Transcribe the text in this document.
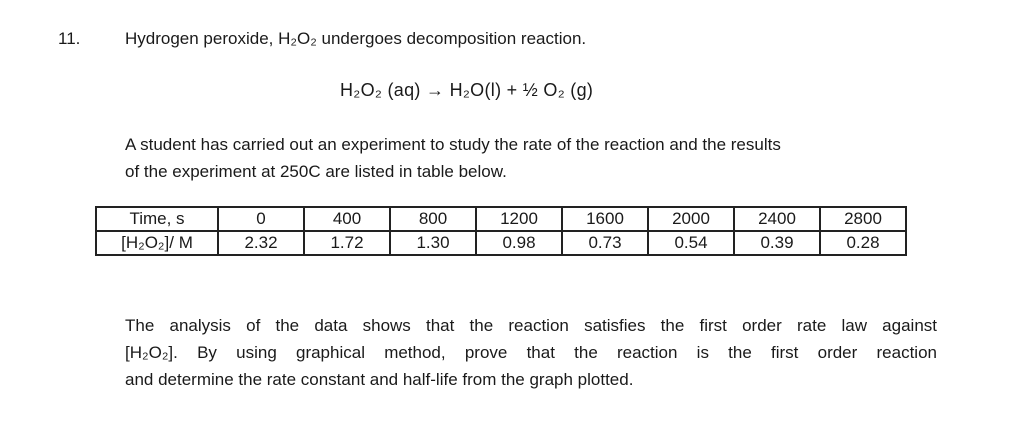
11.	Hydrogen peroxide, H₂O₂ undergoes decomposition reaction.
H₂O₂ (aq) → H₂O(l) + ½ O₂ (g)
A student has carried out an experiment to study the rate of the reaction and the results
of the experiment at 250C are listed in table below.
Time, s	0	400	800	1200	1600	2000	2400	2800
[H₂O₂]/ M	2.32	1.72	1.30	0.98	0.73	0.54	0.39	0.28
The analysis of the data shows that the reaction satisfies the first order rate law against
[H₂O₂]. By using graphical method, prove that the reaction is the first order reaction
and determine the rate constant and half-life from the graph plotted.
